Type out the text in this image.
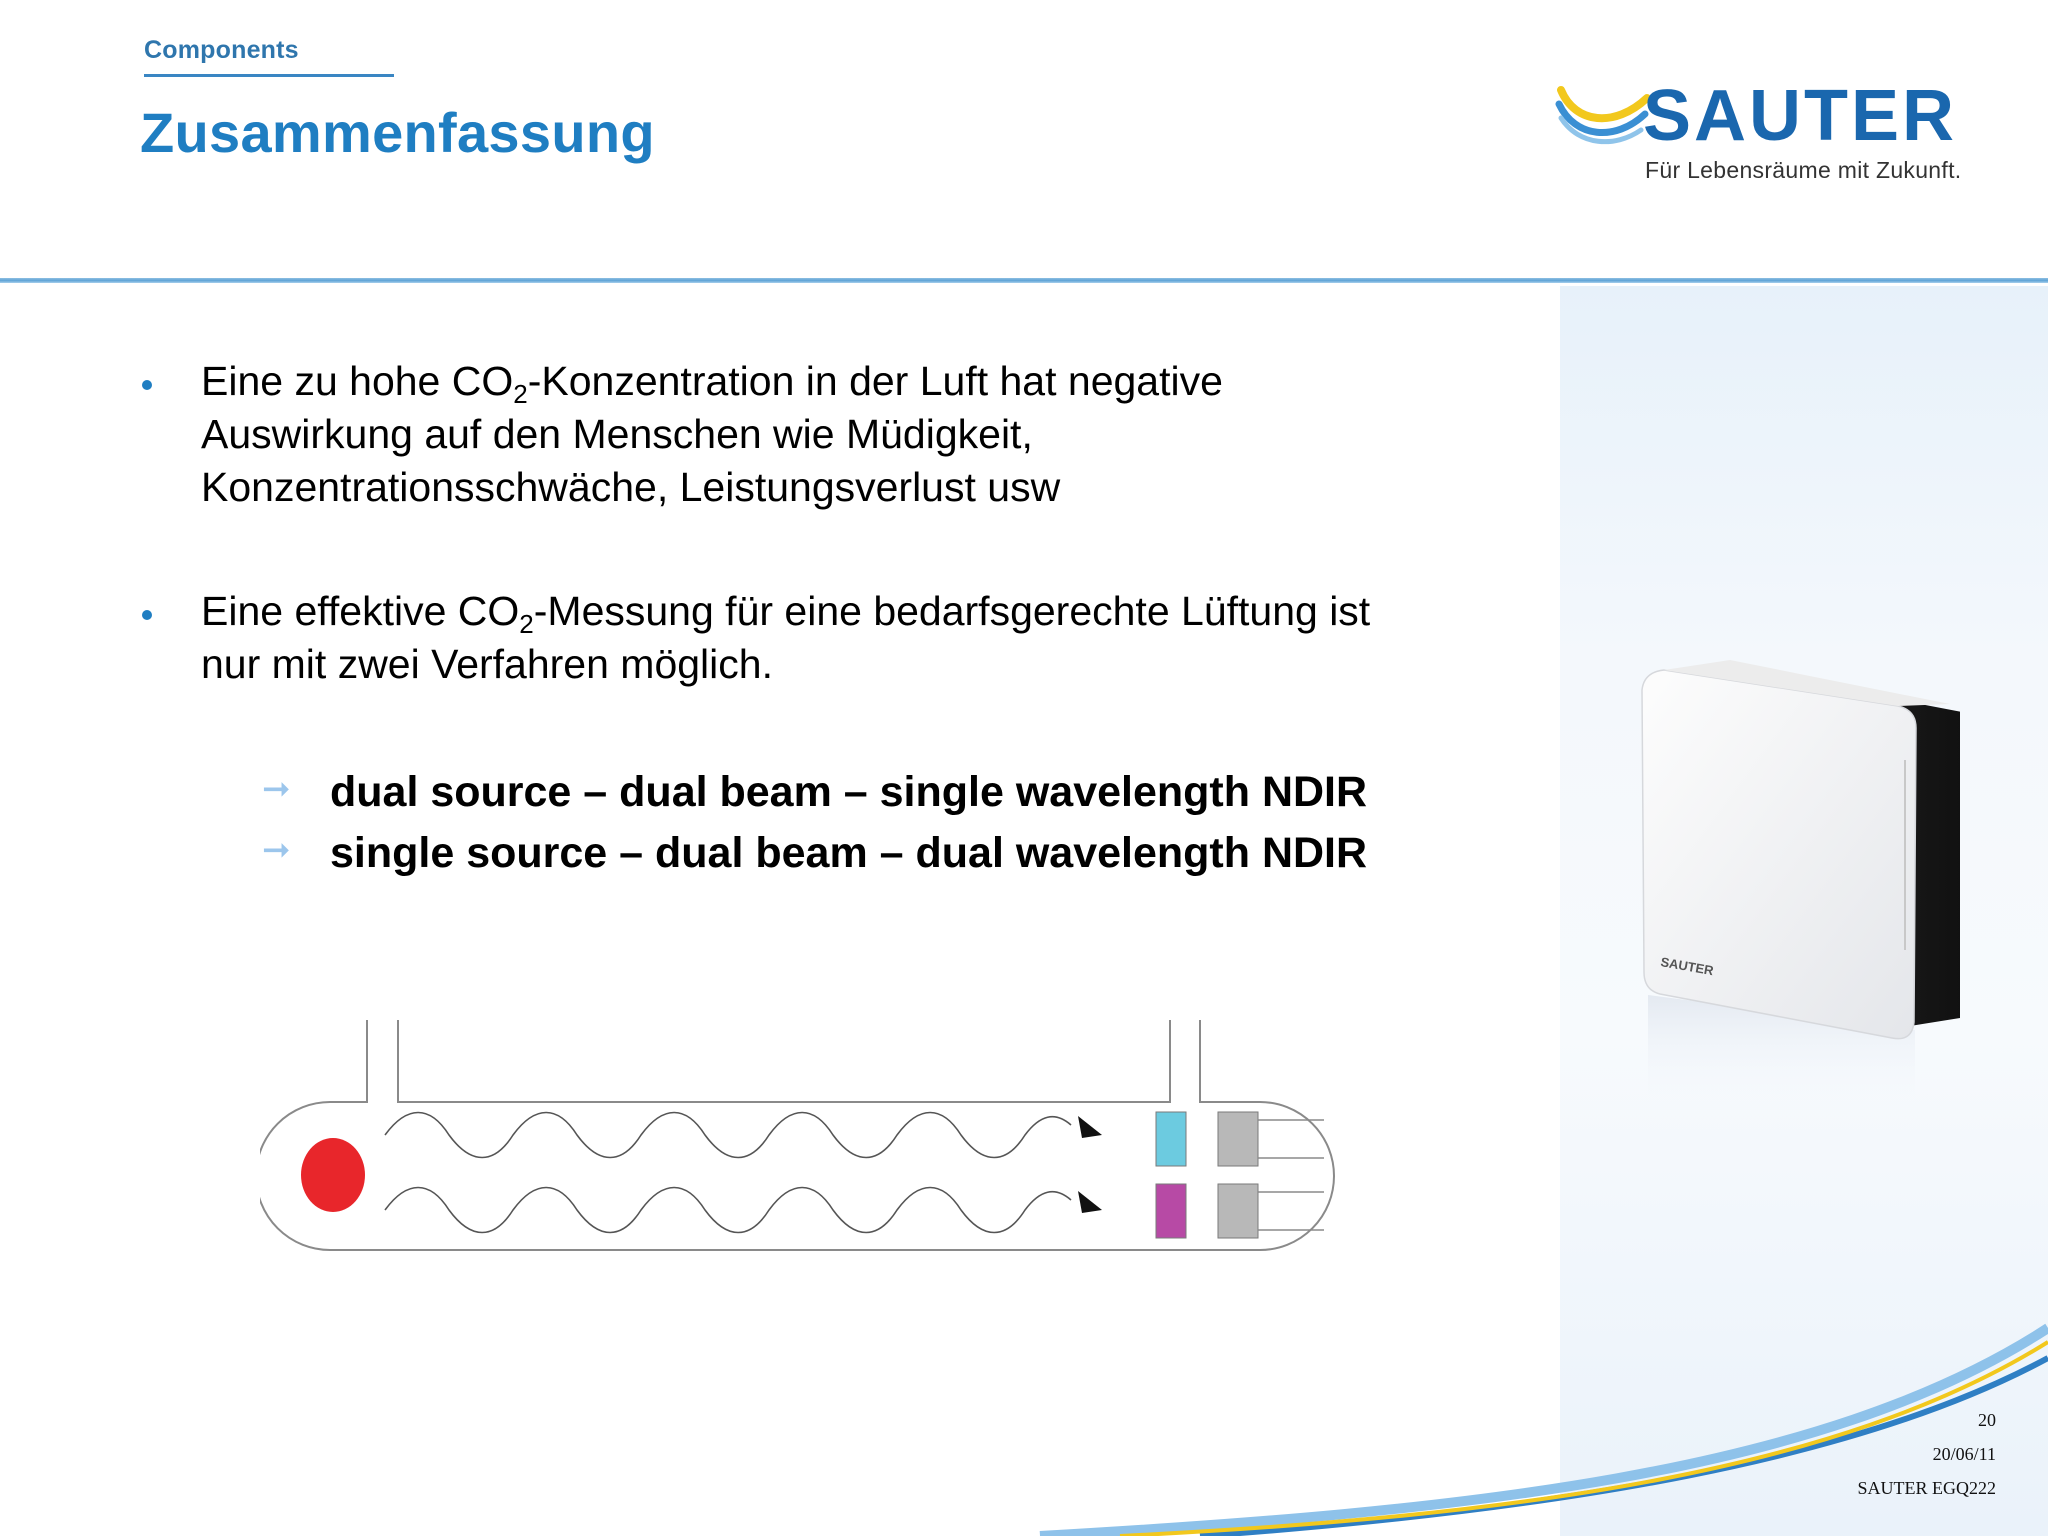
Components
Zusammenfassung	SAUTER
Für Lebensräume mit Zukunft.
Eine zu hohe $CO_2$-Konzentration in der Luft hat negative
Auswirkung auf den Menschen wie Müdigkeit,
Konzentrationsschwäche, Leistungsverlust usw
Eine effektive $CO_2$-Messung für eine bedarfsgerechte Lüftung ist
nur mit zwei Verfahren möglich.
➞ dual source – dual beam – single wavelength NDIR
➞ single source – dual beam – dual wavelength NDIR
SAUTER
20
20/06/11
SAUTER EGQ222
